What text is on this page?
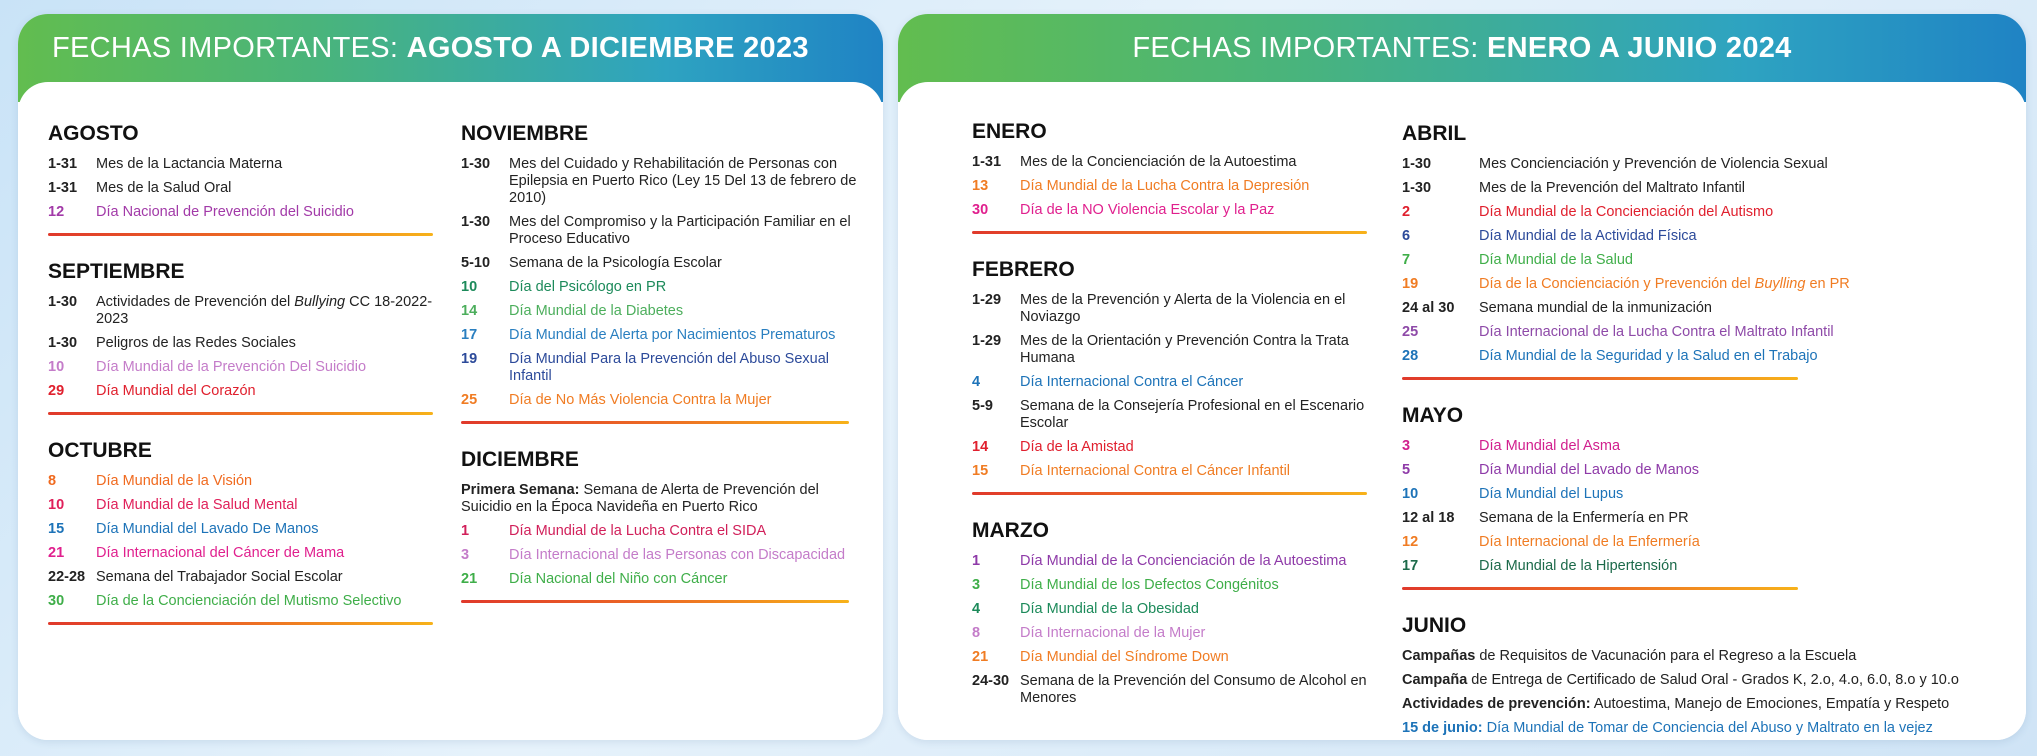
FECHAS IMPORTANTES: AGOSTO A DICIEMBRE 2023
AGOSTO
1-31	Mes de la Lactancia Materna
1-31	Mes de la Salud Oral
12	Día Nacional de Prevención del Suicidio
SEPTIEMBRE
1-30	Actividades de Prevención del Bullying CC 18-2022-2023
1-30	Peligros de las Redes Sociales
10	Día Mundial de la Prevención Del Suicidio
29	Día Mundial del Corazón
OCTUBRE
8	Día Mundial de la Visión
10	Día Mundial de la Salud Mental
15	Día Mundial del Lavado De Manos
21	Día Internacional del Cáncer de Mama
22-28 Semana del Trabajador Social Escolar
30	Día de la Concienciación del Mutismo Selectivo
NOVIEMBRE
1-30	Mes del Cuidado y Rehabilitación de Personas con Epilepsia en Puerto Rico (Ley 15 Del 13 de febrero de 2010)
1-30	Mes del Compromiso y la Participación Familiar en el Proceso Educativo
5-10	Semana de la Psicología Escolar
10	Día del Psicólogo en PR
14	Día Mundial de la Diabetes
17	Día Mundial de Alerta por Nacimientos Prematuros
19	Día Mundial Para la Prevención del Abuso Sexual Infantil
25	Día de No Más Violencia Contra la Mujer
DICIEMBRE
Primera Semana: Semana de Alerta de Prevención del Suicidio en la Época Navideña en Puerto Rico
1	Día Mundial de la Lucha Contra el SIDA
3	Día Internacional de las Personas con Discapacidad
21	Día Nacional del Niño con Cáncer
FECHAS IMPORTANTES: ENERO A JUNIO 2024
ENERO
1-31	Mes de la Concienciación de la Autoestima
13	Día Mundial de la Lucha Contra la Depresión
30	Día de la NO Violencia Escolar y la Paz
FEBRERO
1-29	Mes de la Prevención y Alerta de la Violencia en el Noviazgo
1-29	Mes de la Orientación y Prevención Contra la Trata Humana
4	Día Internacional Contra el Cáncer
5-9	Semana de la Consejería Profesional en el Escenario Escolar
14	Día de la Amistad
15	Día Internacional Contra el Cáncer Infantil
MARZO
1	Día Mundial de la Concienciación de la Autoestima
3	Día Mundial de los Defectos Congénitos
4	Día Mundial de la Obesidad
8	Día Internacional de la Mujer
21	Día Mundial del Síndrome Down
24-30 Semana de la Prevención del Consumo de Alcohol en Menores
ABRIL
1-30	Mes Concienciación y Prevención de Violencia Sexual
1-30	Mes de la Prevención del Maltrato Infantil
2	Día Mundial de la Concienciación del Autismo
6	Día Mundial de la Actividad Física
7	Día Mundial de la Salud
19	Día de la Concienciación y Prevención del Buylling en PR
24 al 30	Semana mundial de la inmunización
25	Día Internacional de la Lucha Contra el Maltrato Infantil
28	Día Mundial de la Seguridad y la Salud en el Trabajo
MAYO
3	Día Mundial del Asma
5	Día Mundial del Lavado de Manos
10	Día Mundial del Lupus
12 al 18	Semana de la Enfermería en PR
12	Día Internacional de la Enfermería
17	Día Mundial de la Hipertensión
JUNIO
Campañas de Requisitos de Vacunación para el Regreso a la Escuela
Campaña de Entrega de Certificado de Salud Oral - Grados K, 2.o, 4.o, 6.0, 8.o y 10.o
Actividades de prevención: Autoestima, Manejo de Emociones, Empatía y Respeto
15 de junio: Día Mundial de Tomar de Conciencia del Abuso y Maltrato en la vejez
